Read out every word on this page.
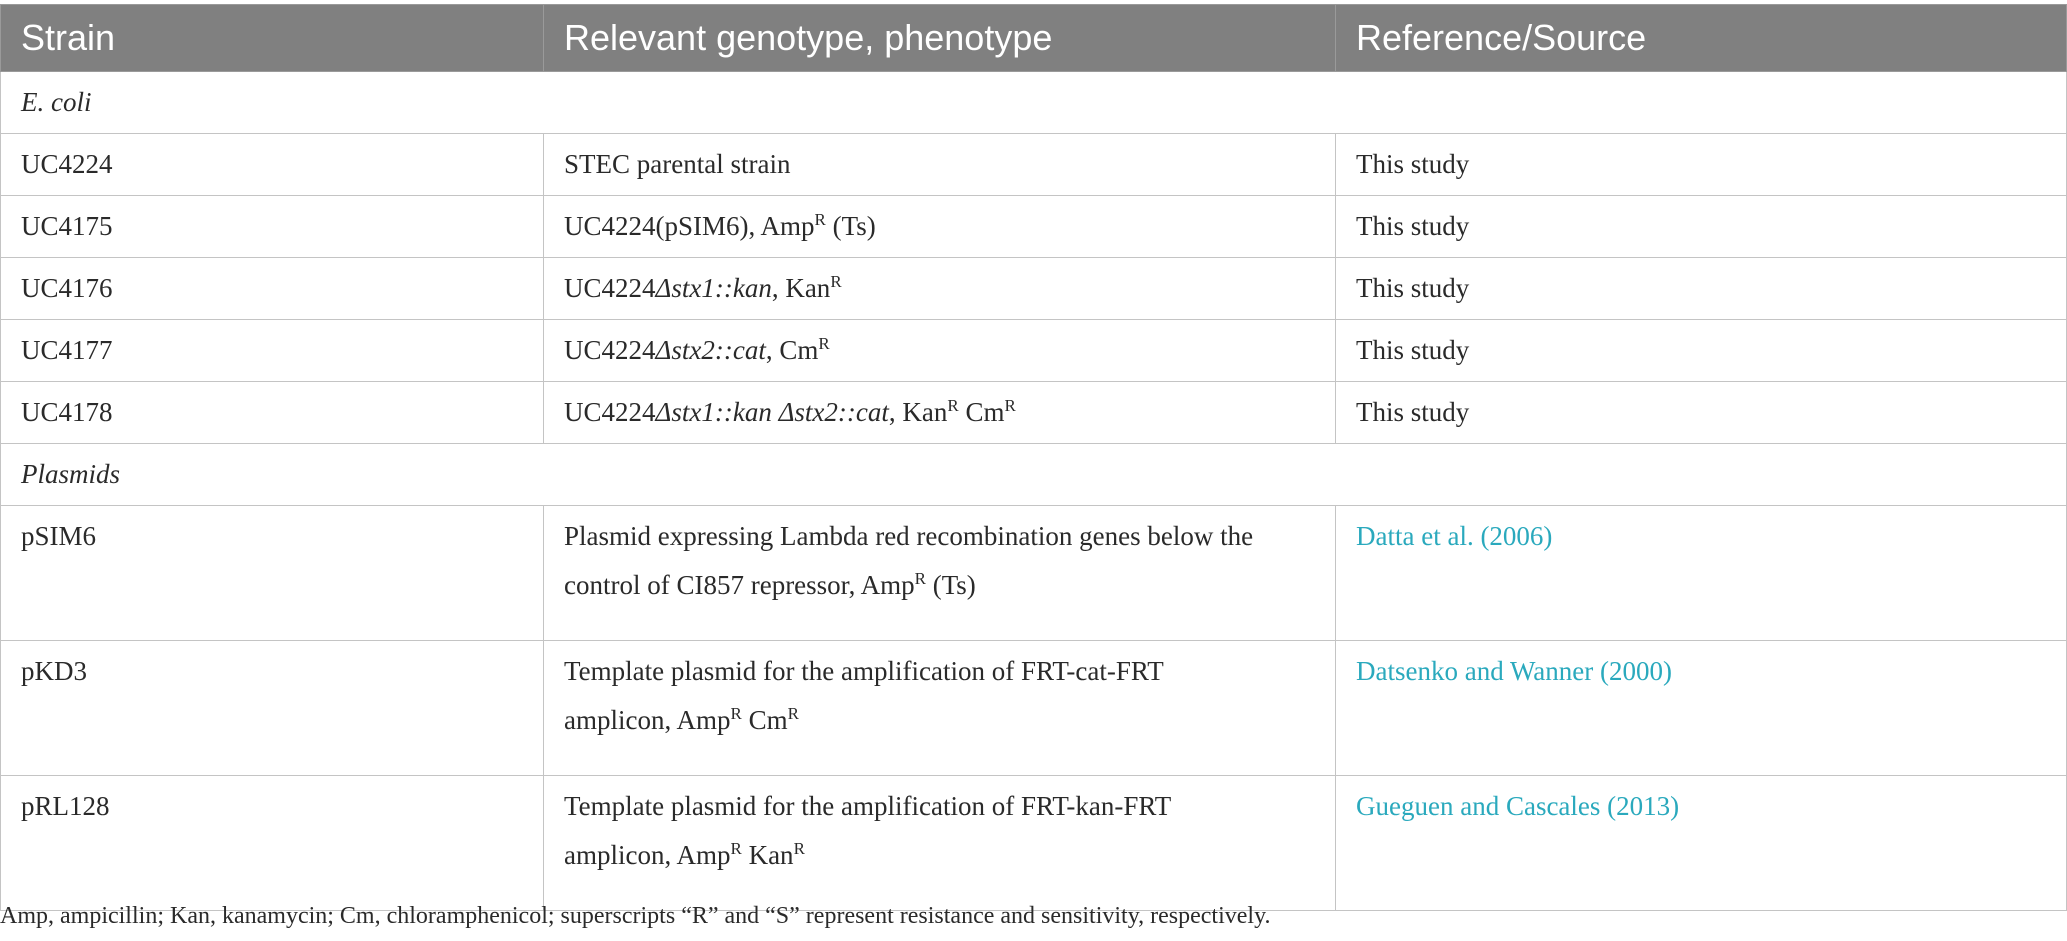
Strain	Relevant genotype, phenotype	Reference/Source
E. coli		
UC4224	STEC parental strain	This study
UC4175	UC4224(pSIM6), Amp$^R$ (Ts)	This study
UC4176	UC4224Δstx1::kan, Kan$^R$	This study
UC4177	UC4224Δstx2::cat, $Cm^R$	This study
UC4178	UC4224Δstx1::kan Δstx2::cat, Kan$^R$ $Cm^R$	This study
Plasmids		

pSIM6	Plasmid expressing Lambda red recombination genes below the
control of CI857 repressor, Amp$^R$ (Ts)	Datta et al. (2006)

pKD3	Template plasmid for the amplification of FRT-cat-FRT
amplicon, Amp$^R$ $Cm^R$	Datsenko and Wanner (2000)

pRL128	Template plasmid for the amplification of FRT-kan-FRT
amplicon, Amp$^R$ Kan$^R$	Gueguen and Cascales (2013)
Amp, ampicillin; Kan, kanamycin; Cm, chloramphenicol; superscripts “R” and “S” represent resistance and sensitivity, respectively.
